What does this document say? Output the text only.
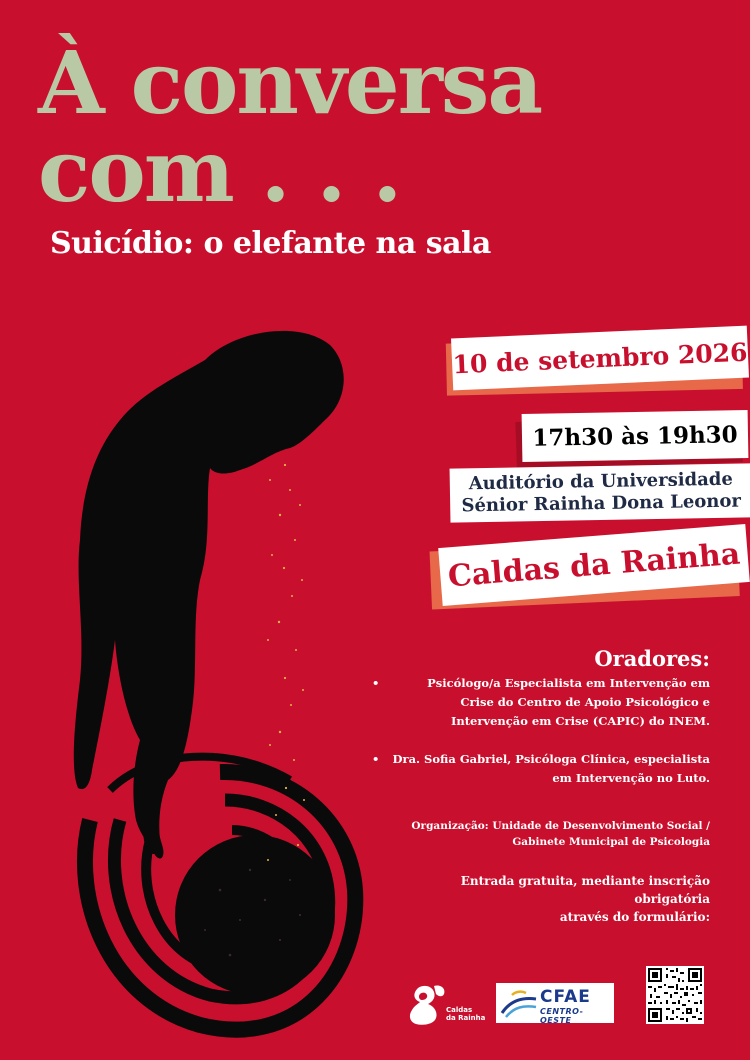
À conversa
com . . .
Suicídio: o elefante na sala
10 de setembro 2026
17h30 às 19h30
Auditório da Universidade
Sénior Rainha Dona Leonor
Caldas da Rainha
Oradores:
•	Psicólogo/a Especialista em Intervenção em Crise do Centro de Apoio Psicológico e Intervenção em Crise (CAPIC) do INEM.
•	Dra. Sofia Gabriel, Psicóloga Clínica, especialista em Intervenção no Luto.
Organização: Unidade de Desenvolvimento Social /
Gabinete Municipal de Psicologia
Entrada gratuita, mediante inscrição obrigatória
através do formulário:
Caldas
da Rainha
CFAE
CENTRO-OESTE
